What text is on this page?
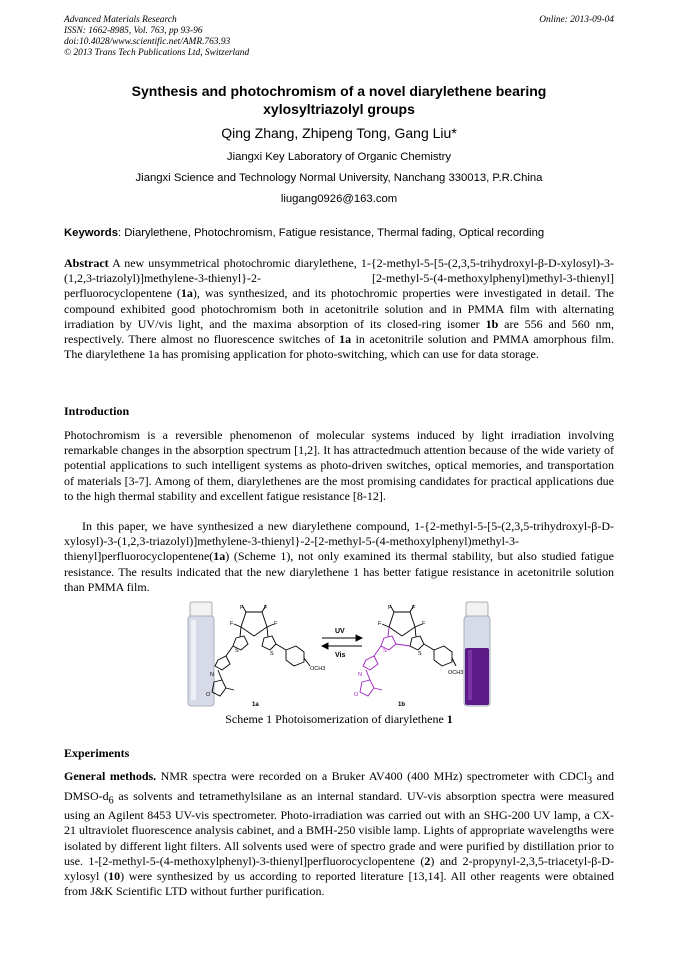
Advanced Materials Research
ISSN: 1662-8985, Vol. 763, pp 93-96
doi:10.4028/www.scientific.net/AMR.763.93
© 2013 Trans Tech Publications Ltd, Switzerland
Online: 2013-09-04
Synthesis and photochromism of a novel diarylethene bearing
xylosyltriazolyl groups
Qing Zhang, Zhipeng Tong, Gang Liu*
Jiangxi Key Laboratory of Organic Chemistry
Jiangxi Science and Technology Normal University, Nanchang 330013, P.R.China
liugang0926@163.com
Keywords: Diarylethene, Photochromism, Fatigue resistance, Thermal fading, Optical recording
Abstract A new unsymmetrical photochromic diarylethene, 1-{2-methyl-5-[5-(2,3,5-trihydroxyl-β-D-xylosyl)-3-(1,2,3-triazolyl)]methylene-3-thienyl}-2- [2-methyl-5-(4-methoxylphenyl)methyl-3-thienyl] perfluorocyclopentene (1a), was synthesized, and its photochromic properties were investigated in detail. The compound exhibited good photochromism both in acetonitrile solution and in PMMA film with alternating irradiation by UV/vis light, and the maxima absorption of its closed-ring isomer 1b are 556 and 560 nm, respectively. There almost no fluorescence switches of 1a in acetonitrile solution and PMMA amorphous film. The diarylethene 1a has promising application for photo-switching, which can use for data storage.
Introduction
Photochromism is a reversible phenomenon of molecular systems induced by light irradiation involving remarkable changes in the absorption spectrum [1,2]. It has attractedmuch attention because of the wide variety of potential applications to such intelligent systems as photo-driven switches, optical memories, and transportation of materials [3-7]. Among of them, diarylethenes are the most promising candidates for practical applications due to the high thermal stability and excellent fatigue resistance [8-12].
In this paper, we have synthesized a new diarylethene compound, 1-{2-methyl-5-[5-(2,3,5-trihydroxyl-β-D-xylosyl)-3-(1,2,3-triazolyl)]methylene-3-thienyl}-2-[2-methyl-5-(4-methoxylphenyl)methyl-3-thienyl]perfluorocyclopentene(1a) (Scheme 1), not only examined its thermal stability, but also studied fatigue resistance. The results indicated that the new diarylethene 1 has better fatigue resistance in acetonitrile solution than PMMA film.
F	F
F	F
S	S
N
O
OCH3
1a
UV
Vis
F	F
F	F
S
OCH3
S
N
O
1b
Scheme 1 Photoisomerization of diarylethene 1
Experiments
General methods. NMR spectra were recorded on a Bruker AV400 (400 MHz) spectrometer with CDCl$_3$ and DMSO-$d_6$ as solvents and tetramethylsilane as an internal standard. UV-vis absorption spectra were measured using an Agilent 8453 UV-vis spectrometer. Photo-irradiation was carried out with an SHG-200 UV lamp, a CX-21 ultraviolet fluorescence analysis cabinet, and a BMH-250 visible lamp. Lights of appropriate wavelengths were isolated by different light filters. All solvents used were of spectro grade and were purified by distillation prior to use. 1-[2-methyl-5-(4-methoxylphenyl)-3-thienyl]perfluorocyclopentene (2) and 2-propynyl-2,3,5-triacetyl-β-D-xylosyl (10) were synthesized by us according to reported literature [13,14]. All other reagents were obtained from J&K Scientific LTD without further purification.
